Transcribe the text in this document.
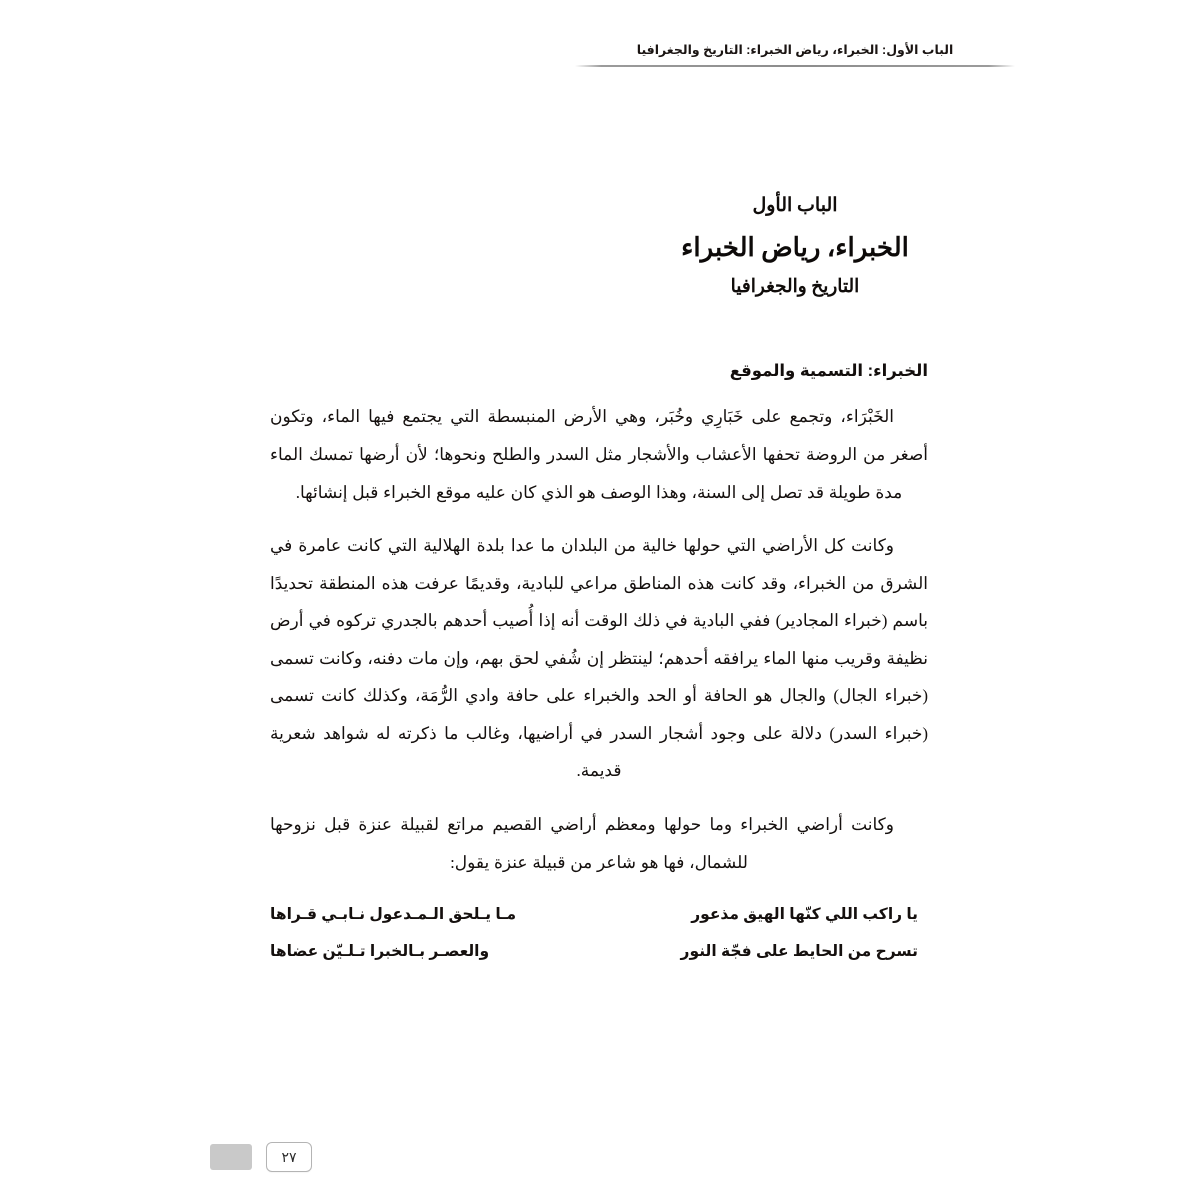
الباب الأول: الخبراء، رياض الخبراء: التاريخ والجغرافيا
الباب الأول
الخبراء، رياض الخبراء
التاريخ والجغرافيا
الخبراء: التسمية والموقع

الخَبْرَاء، وتجمع على خَبَارِي وخُبَر، وهي الأرض المنبسطة التي يجتمع فيها الماء، وتكون أصغر من الروضة تحفها الأعشاب والأشجار مثل السدر والطلح ونحوها؛ لأن أرضها تمسك الماء مدة طويلة قد تصل إلى السنة، وهذا الوصف هو الذي كان عليه موقع الخبراء قبل إنشائها.

وكانت كل الأراضي التي حولها خالية من البلدان ما عدا بلدة الهلالية التي كانت عامرة في الشرق من الخبراء، وقد كانت هذه المناطق مراعي للبادية، وقديمًا عرفت هذه المنطقة تحديدًا باسم (خبراء المجادير) ففي البادية في ذلك الوقت أنه إذا أُصيب أحدهم بالجدري تركوه في أرض نظيفة وقريب منها الماء يرافقه أحدهم؛ لينتظر إن شُفي لحق بهم، وإن مات دفنه، وكانت تسمى (خبراء الجال) والجال هو الحافة أو الحد والخبراء على حافة وادي الرُّمَة، وكذلك كانت تسمى (خبراء السدر) دلالة على وجود أشجار السدر في أراضيها، وغالب ما ذكرته له شواهد شعرية قديمة.

وكانت أراضي الخبراء وما حولها ومعظم أراضي القصيم مراتع لقبيلة عنزة قبل نزوحها للشمال، فها هو شاعر من قبيلة عنزة يقول:

يا راكب اللي كنّها الهيق مذعور
مـا يـلحق الـمـدعول نـابـي قـراها
تسرح من الحايط على فجّة النور
والعصـر بـالخبرا تـلـيّن عضاها
٢٧
